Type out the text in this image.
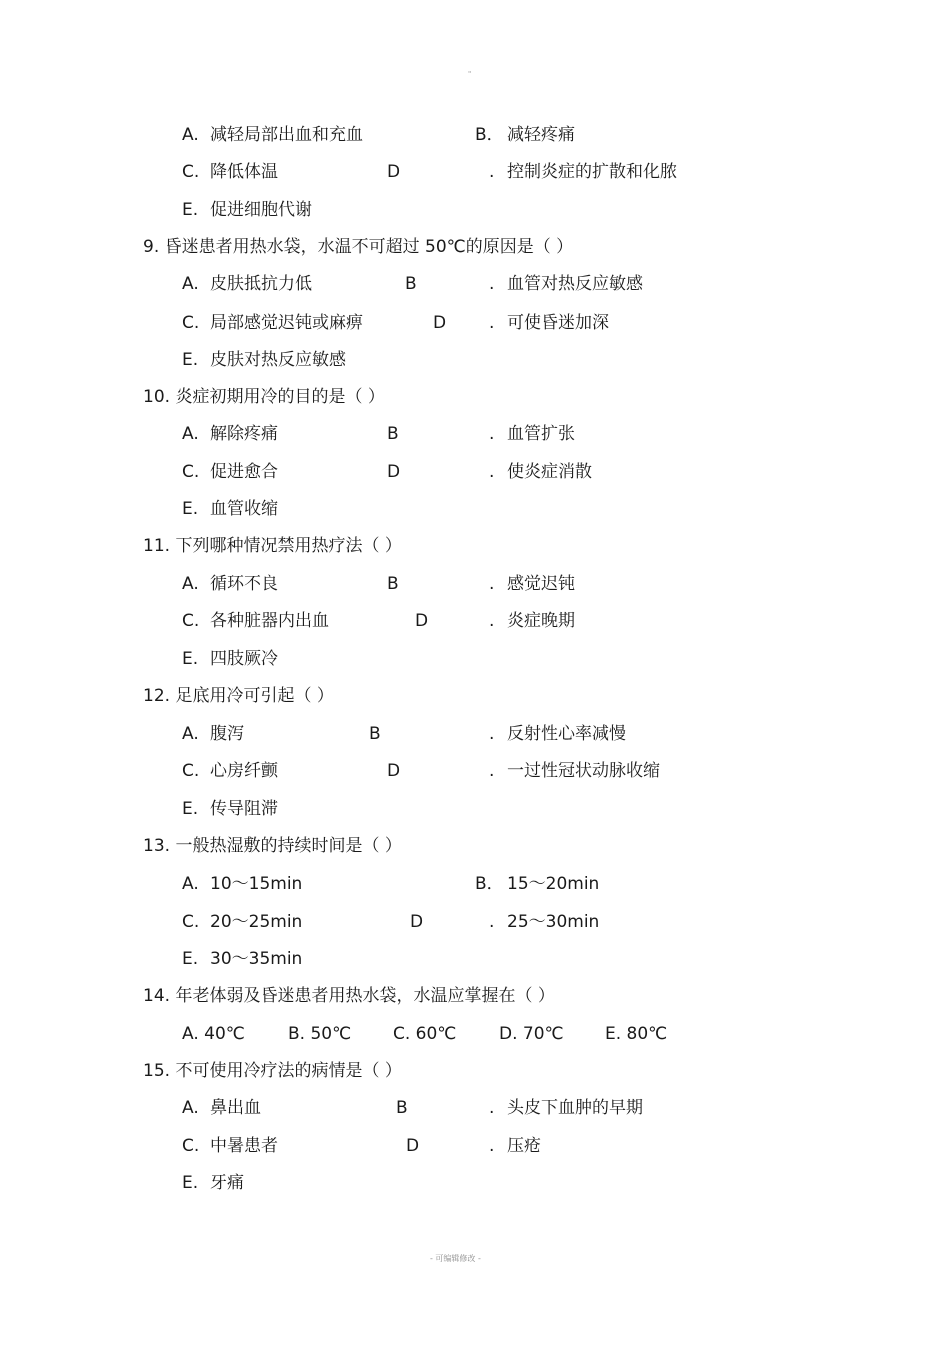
"
A. 减轻局部出血和充血	B． 减轻疼痛
C. 降低体温	D	. 控制炎症的扩散和化脓
E. 促进细胞代谢
9. 昏迷患者用热水袋，水温不可超过 50℃的原因是（ ）
A. 皮肤抵抗力低	B	. 血管对热反应敏感
C. 局部感觉迟钝或麻痹	D	. 可使昏迷加深
E. 皮肤对热反应敏感
10. 炎症初期用冷的目的是（ ）
A. 解除疼痛	B	. 血管扩张
C. 促进愈合	D	. 使炎症消散
E. 血管收缩
11. 下列哪种情况禁用热疗法（ ）
A. 循环不良	B	. 感觉迟钝
C. 各种脏器内出血	D	. 炎症晚期
E. 四肢厥冷
12. 足底用冷可引起（ ）
A. 腹泻	B	. 反射性心率减慢
C. 心房纤颤	D	. 一过性冠状动脉收缩
E. 传导阻滞
13. 一般热湿敷的持续时间是（ ）
A. 10～15min	B． 15～20min
C. 20～25min	D	. 25～30min
E. 30～35min
14. 年老体弱及昏迷患者用热水袋，水温应掌握在（ ）
A. 40℃	B. 50℃ C. 60℃	D. 70℃ E. 80℃
15. 不可使用冷疗法的病情是（ ）
A. 鼻出血	B	. 头皮下血肿的早期
C. 中暑患者	D	. 压疮
E. 牙痛
- 可编辑修改 -
